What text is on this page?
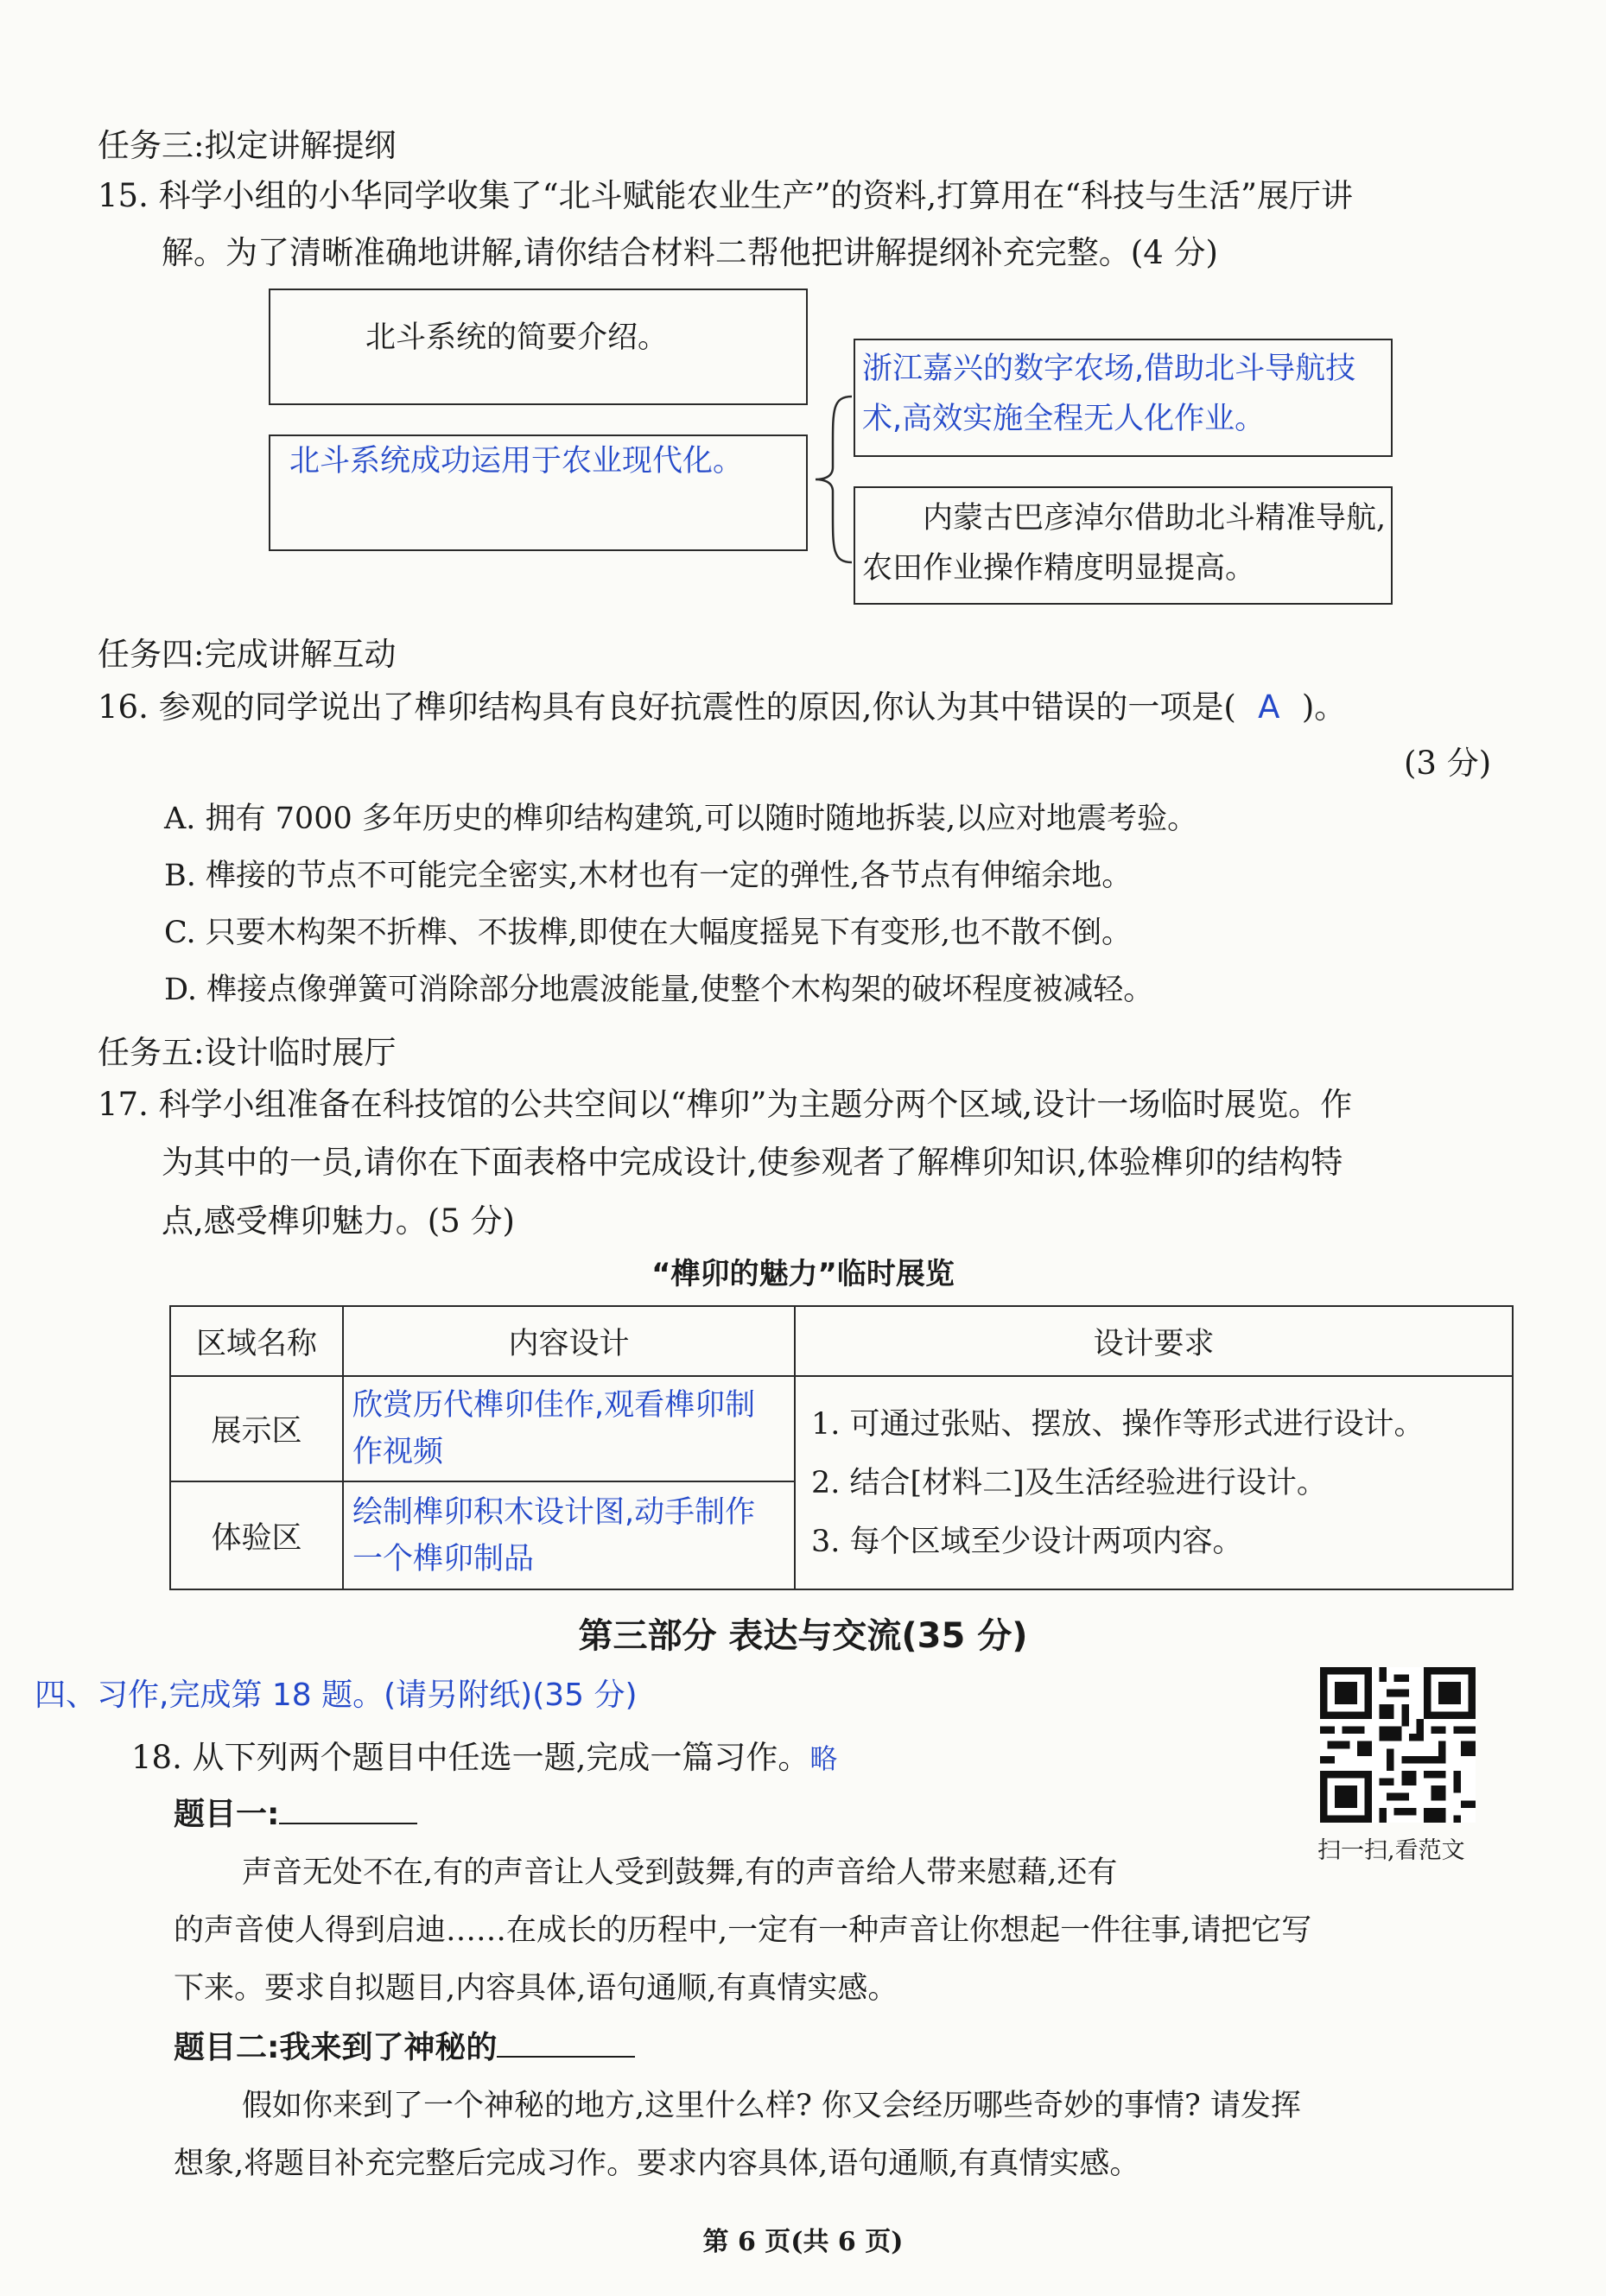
任务三:拟定讲解提纲
15. 科学小组的小华同学收集了“北斗赋能农业生产”的资料,打算用在“科技与生活”展厅讲
解。为了清晰准确地讲解,请你结合材料二帮他把讲解提纲补充完整。(4 分)
北斗系统的简要介绍。
北斗系统成功运用于农业现代化。
浙江嘉兴的数字农场,借助北斗导航技术,高效实施全程无人化作业。
内蒙古巴彦淖尔借助北斗精准导航,农田作业操作精度明显提高。
任务四:完成讲解互动
16. 参观的同学说出了榫卯结构具有良好抗震性的原因,你认为其中错误的一项是( A )。
(3 分)
A. 拥有 7000 多年历史的榫卯结构建筑,可以随时随地拆装,以应对地震考验。
B. 榫接的节点不可能完全密实,木材也有一定的弹性,各节点有伸缩余地。
C. 只要木构架不折榫、不拔榫,即使在大幅度摇晃下有变形,也不散不倒。
D. 榫接点像弹簧可消除部分地震波能量,使整个木构架的破坏程度被减轻。
任务五:设计临时展厅
17. 科学小组准备在科技馆的公共空间以“榫卯”为主题分两个区域,设计一场临时展览。作
为其中的一员,请你在下面表格中完成设计,使参观者了解榫卯知识,体验榫卯的结构特
点,感受榫卯魅力。(5 分)
“榫卯的魅力”临时展览
区域名称	内容设计	设计要求
展示区	欣赏历代榫卯佳作,观看榫卯制作视频	1. 可通过张贴、摆放、操作等形式进行设计。
2. 结合[材料二]及生活经验进行设计。
3. 每个区域至少设计两项内容。

体验区	绘制榫卯积木设计图,动手制作一个榫卯制品	
第三部分 表达与交流(35 分)
四、习作,完成第 18 题。(请另附纸)(35 分)
扫一扫,看范文
18. 从下列两个题目中任选一题,完成一篇习作。略
题目一:
声音无处不在,有的声音让人受到鼓舞,有的声音给人带来慰藉,还有
的声音使人得到启迪……在成长的历程中,一定有一种声音让你想起一件往事,请把它写
下来。要求自拟题目,内容具体,语句通顺,有真情实感。
题目二:我来到了神秘的
假如你来到了一个神秘的地方,这里什么样? 你又会经历哪些奇妙的事情? 请发挥
想象,将题目补充完整后完成习作。要求内容具体,语句通顺,有真情实感。
第 6 页(共 6 页)
